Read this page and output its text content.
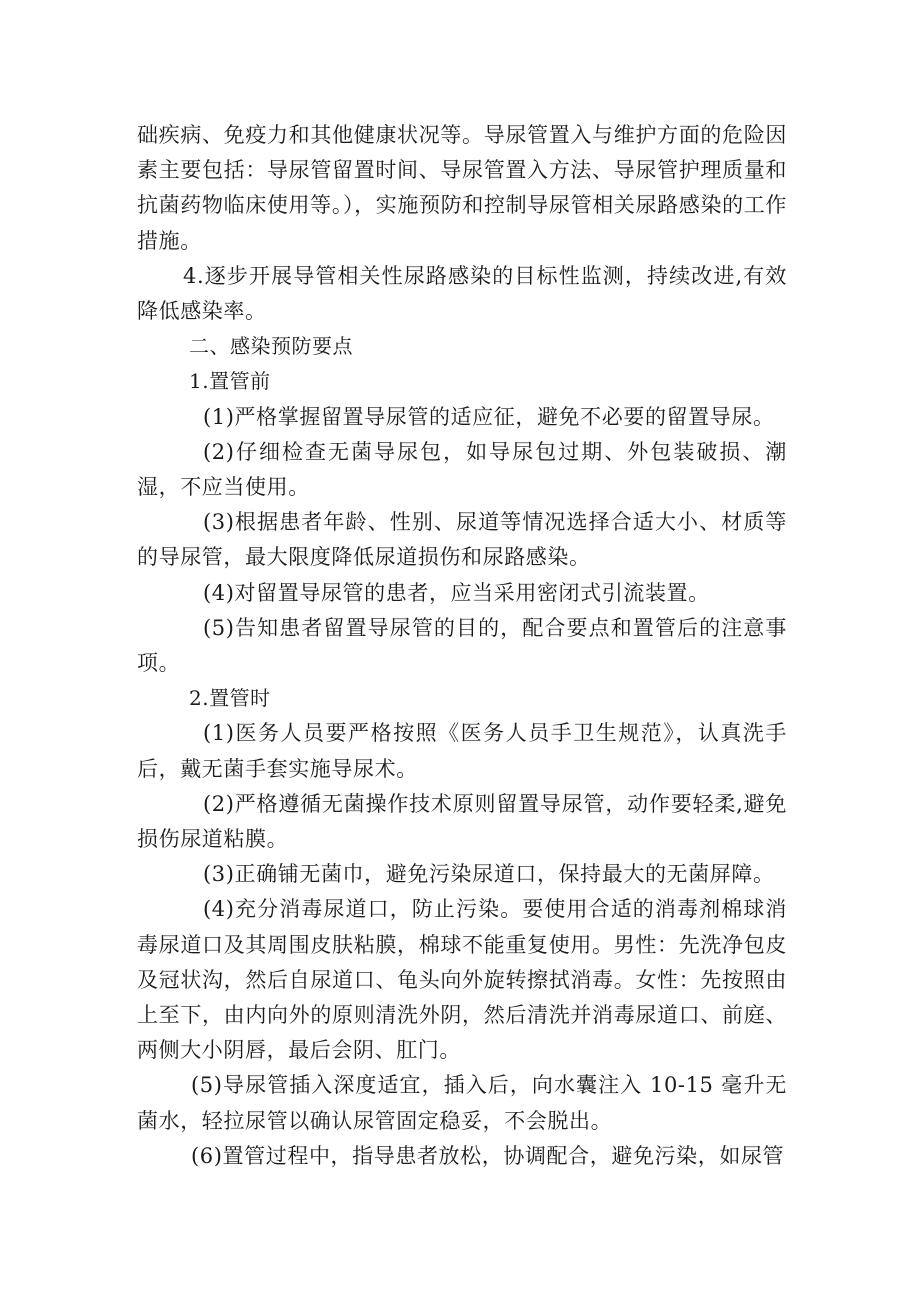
础疾病、免疫力和其他健康状况等。导尿管置入与维护方面的危险因素主要包括：导尿管留置时间、导尿管置入方法、导尿管护理质量和抗菌药物临床使用等。），实施预防和控制导尿管相关尿路感染的工作措施。

4.逐步开展导管相关性尿路感染的目标性监测，持续改进,有效降低感染率。

二、感染预防要点

1.置管前

(1)严格掌握留置导尿管的适应征，避免不必要的留置导尿。

(2)仔细检查无菌导尿包，如导尿包过期、外包装破损、潮湿，不应当使用。

(3)根据患者年龄、性别、尿道等情况选择合适大小、材质等的导尿管，最大限度降低尿道损伤和尿路感染。

(4)对留置导尿管的患者，应当采用密闭式引流装置。

(5)告知患者留置导尿管的目的，配合要点和置管后的注意事项。

2.置管时

(1)医务人员要严格按照《医务人员手卫生规范》，认真洗手后，戴无菌手套实施导尿术。

(2)严格遵循无菌操作技术原则留置导尿管，动作要轻柔,避免损伤尿道粘膜。

(3)正确铺无菌巾，避免污染尿道口，保持最大的无菌屏障。

(4)充分消毒尿道口，防止污染。要使用合适的消毒剂棉球消毒尿道口及其周围皮肤粘膜，棉球不能重复使用。男性：先洗净包皮及冠状沟，然后自尿道口、龟头向外旋转擦拭消毒。女性：先按照由上至下，由内向外的原则清洗外阴，然后清洗并消毒尿道口、前庭、两侧大小阴唇，最后会阴、肛门。

(5)导尿管插入深度适宜，插入后，向水囊注入 10-15 毫升无菌水，轻拉尿管以确认尿管固定稳妥，不会脱出。

(6)置管过程中，指导患者放松，协调配合，避免污染，如尿管
